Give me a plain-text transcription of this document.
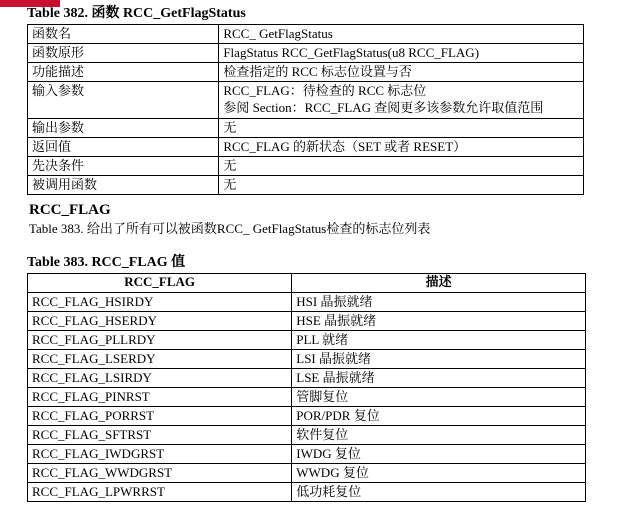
Table 382. 函数 RCC_GetFlagStatus
函数名	RCC_ GetFlagStatus
函数原形	FlagStatus RCC_GetFlagStatus(u8 RCC_FLAG)
功能描述	检查指定的 RCC 标志位设置与否
输入参数	RCC_FLAG：待检查的 RCC 标志位
参阅 Section：RCC_FLAG 查阅更多该参数允许取值范围

输出参数	无
返回值	RCC_FLAG 的新状态（SET 或者 RESET）
先决条件	无
被调用函数	无
RCC_FLAG
Table 383. 给出了所有可以被函数RCC_ GetFlagStatus检查的标志位列表
Table 383. RCC_FLAG 值
RCC_FLAG	描述
RCC_FLAG_HSIRDY	HSI 晶振就绪
RCC_FLAG_HSERDY	HSE 晶振就绪
RCC_FLAG_PLLRDY	PLL 就绪
RCC_FLAG_LSERDY	LSI 晶振就绪
RCC_FLAG_LSIRDY	LSE 晶振就绪
RCC_FLAG_PINRST	管脚复位
RCC_FLAG_PORRST	POR/PDR 复位
RCC_FLAG_SFTRST	软件复位
RCC_FLAG_IWDGRST	IWDG 复位
RCC_FLAG_WWDGRST	WWDG 复位
RCC_FLAG_LPWRRST	低功耗复位
